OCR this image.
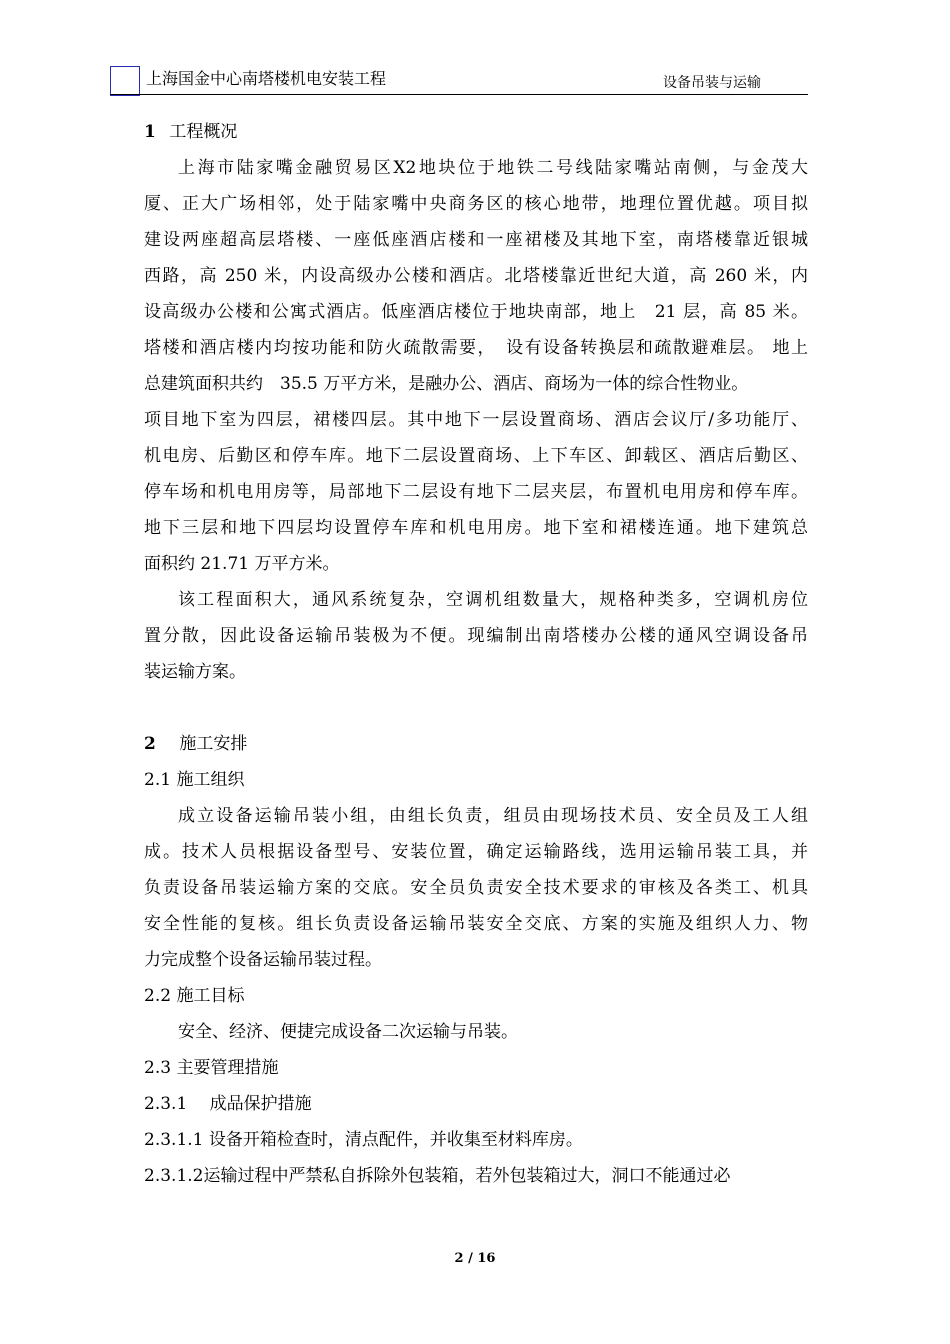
上海国金中心南塔楼机电安装工程	设备吊装与运输
1 工程概况
上海市陆家嘴金融贸易区X2地块位于地铁二号线陆家嘴站南侧，与金茂大
厦、正大广场相邻，处于陆家嘴中央商务区的核心地带，地理位置优越。项目拟
建设两座超高层塔楼、一座低座酒店楼和一座裙楼及其地下室，南塔楼靠近银城
西路，高 250 米，内设高级办公楼和酒店。北塔楼靠近世纪大道，高 260 米，内
设高级办公楼和公寓式酒店。低座酒店楼位于地块南部，地上　21 层，高 85 米。
塔楼和酒店楼内均按功能和防火疏散需要，　设有设备转换层和疏散避难层。 地上
总建筑面积共约　35.5 万平方米，是融办公、酒店、商场为一体的综合性物业。
项目地下室为四层，裙楼四层。其中地下一层设置商场、酒店会议厅/多功能厅、
机电房、后勤区和停车库。地下二层设置商场、上下车区、卸载区、酒店后勤区、
停车场和机电用房等，局部地下二层设有地下二层夹层，布置机电用房和停车库。
地下三层和地下四层均设置停车库和机电用房。地下室和裙楼连通。地下建筑总
面积约 21.71 万平方米。
该工程面积大，通风系统复杂，空调机组数量大，规格种类多，空调机房位
置分散，因此设备运输吊装极为不便。现编制出南塔楼办公楼的通风空调设备吊
装运输方案。
2 施工安排
2.1 施工组织
成立设备运输吊装小组，由组长负责，组员由现场技术员、安全员及工人组
成。技术人员根据设备型号、安装位置，确定运输路线，选用运输吊装工具，并
负责设备吊装运输方案的交底。安全员负责安全技术要求的审核及各类工、机具
安全性能的复核。组长负责设备运输吊装安全交底、方案的实施及组织人力、物
力完成整个设备运输吊装过程。
2.2 施工目标
安全、经济、便捷完成设备二次运输与吊装。
2.3 主要管理措施
2.3.1　 成品保护措施
2.3.1.1 设备开箱检查时，清点配件，并收集至材料库房。
2.3.1.2运输过程中严禁私自拆除外包装箱，若外包装箱过大，洞口不能通过必
2 / 16
